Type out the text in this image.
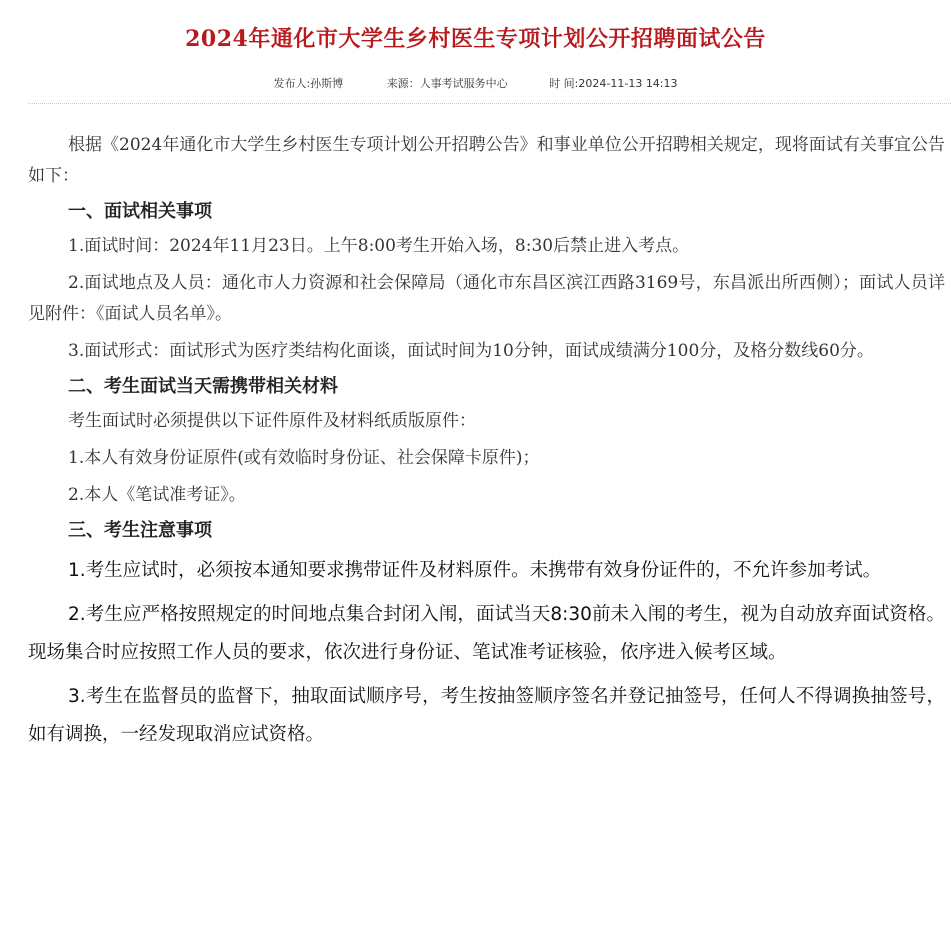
2024年通化市大学生乡村医生专项计划公开招聘面试公告
发布人:孙斯博	来源：人事考试服务中心	时 间:2024-11-13 14:13

根据《2024年通化市大学生乡村医生专项计划公开招聘公告》和事业单位公开招聘相关规定，现将面试有关事宜公告如下：

一、面试相关事项

1.面试时间：2024年11月23日。上午8:00考生开始入场，8:30后禁止进入考点。

2.面试地点及人员：通化市人力资源和社会保障局（通化市东昌区滨江西路3169号，东昌派出所西侧）；面试人员详见附件：《面试人员名单》。

3.面试形式：面试形式为医疗类结构化面谈，面试时间为10分钟，面试成绩满分100分，及格分数线60分。

二、考生面试当天需携带相关材料

考生面试时必须提供以下证件原件及材料纸质版原件：

1.本人有效身份证原件(或有效临时身份证、社会保障卡原件)；

2.本人《笔试准考证》。

三、考生注意事项

1.考生应试时，必须按本通知要求携带证件及材料原件。未携带有效身份证件的，不允许参加考试。

2.考生应严格按照规定的时间地点集合封闭入闱，面试当天8:30前未入闱的考生，视为自动放弃面试资格。现场集合时应按照工作人员的要求，依次进行身份证、笔试准考证核验，依序进入候考区域。

3.考生在监督员的监督下，抽取面试顺序号，考生按抽签顺序签名并登记抽签号，任何人不得调换抽签号，如有调换，一经发现取消应试资格。
